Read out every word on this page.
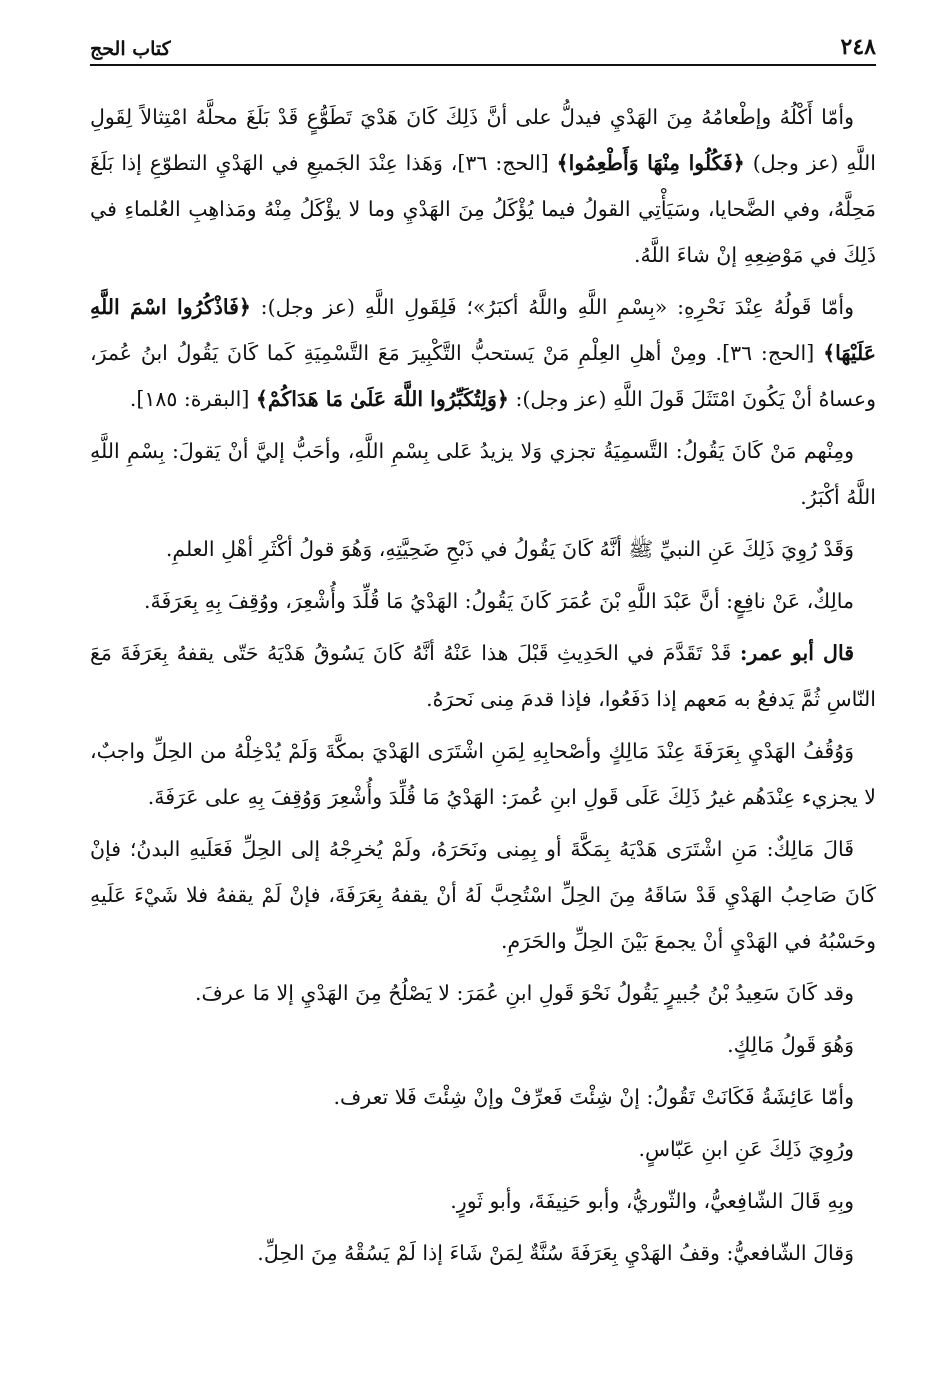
٢٤٨
كتاب الحج

وأمّا أَكْلُهُ وإطْعامُهُ مِنَ الهَدْيِ فيدلُّ على أنَّ ذَلِكَ كَانَ هَدْيَ تَطَوُّعٍ قَدْ بَلَغَ محلَّهُ امْتِثالاً لِقَولِ اللَّهِ (عز وجل) ﴿فَكُلُوا مِنْهَا وَأَطْعِمُوا﴾ [الحج: ٣٦]، وَهَذا عِنْدَ الجَميعِ في الهَدْيِ التطوّعِ إذا بَلَغَ مَحِلَّهُ، وفي الضَّحايا، وسَيَأْتِي القولُ فيما يُؤْكَلُ مِنَ الهَدْيِ وما لا يؤْكَلُ مِنْهُ ومَذاهِبِ العُلماءِ في ذَلِكَ في مَوْضِعِهِ إنْ شاءَ اللَّهُ.

وأمّا قَولُهُ عِنْدَ نَحْرِهِ: «بِسْمِ اللَّهِ واللَّهُ أكبَرُ»؛ فَلِقَولِ اللَّهِ (عز وجل): ﴿فَاذْكُرُوا اسْمَ اللَّهِ عَلَيْهَا﴾ [الحج: ٣٦]. ومِنْ أهلِ العِلْمِ مَنْ يَستحبُّ التَّكْبِيرَ مَعَ التَّسْمِيَةِ كَما كَانَ يَقُولُ ابنُ عُمرَ، وعساهُ أنْ يَكُونَ امْتَثَلَ قَولَ اللَّهِ (عز وجل): ﴿وَلِتُكَبِّرُوا اللَّهَ عَلَىٰ مَا هَدَاكُمْ﴾ [البقرة: ١٨٥].

ومِنْهم مَنْ كَانَ يَقُولُ: التَّسمِيَةُ تجزي وَلا يزيدُ عَلى بِسْمِ اللَّهِ، وأحَبُّ إليَّ أنْ يَقولَ: بِسْمِ اللَّهِ اللَّهُ أكْبَرُ.

وَقَدْ رُوِيَ ذَلِكَ عَنِ النبيِّ ﷺ أنَّهُ كَانَ يَقُولُ في ذَبْحِ ضَحِيَّتِهِ، وَهُوَ قولُ أكْثَرِ أهْلِ العلمِ.

مالِكٌ، عَنْ نافِعٍ: أنَّ عَبْدَ اللَّهِ بْنَ عُمَرَ كَانَ يَقُولُ: الهَدْيُ مَا قُلِّدَ وأُشْعِرَ، ووُقِفَ بِهِ بِعَرَفَةَ.

قال أبو عمر: قَدْ تَقَدَّمَ في الحَدِيثِ قَبْلَ هذا عَنْهُ أنَّهُ كَانَ يَسُوقُ هَدْيَهُ حَتّى يقفهُ بِعَرَفَةَ مَعَ النّاسِ ثُمَّ يَدفعُ به مَعهم إذا دَفَعُوا، فإذا قدمَ مِنى نَحرَهُ.

وَوُقُفُ الهَدْيِ بِعَرَفَةَ عِنْدَ مَالِكٍ وأصْحابِهِ لِمَنِ اشْتَرَى الهَدْيَ بمكَّةَ وَلَمْ يُدْخِلْهُ من الحِلِّ واجبٌ، لا يجزيء عِنْدَهُم غيرُ ذَلِكَ عَلَى قَولِ ابنِ عُمرَ: الهَدْيُ مَا قُلِّدَ وأُشْعِرَ وَوُقِفَ بِهِ على عَرَفَةَ.

قَالَ مَالِكٌ: مَنِ اشْتَرَى هَدْيَهُ بِمَكَّةَ أو بِمِنى ونَحَرَهُ، ولَمْ يُخرِجْهُ إلى الحِلِّ فَعَلَيهِ البدنُ؛ فإنْ كَانَ صَاحِبُ الهَدْيِ قَدْ سَاقَهُ مِنَ الحِلِّ اسْتُحِبَّ لَهُ أنْ يقفهُ بِعَرَفَةَ، فإنْ لَمْ يقفهُ فلا شَيْءَ عَلَيهِ وحَسْبُهُ في الهَدْيِ أنْ يجمعَ بَيْنَ الحِلِّ والحَرَمِ.

وقد كَانَ سَعِيدُ بْنُ جُبيرٍ يَقُولُ نَحْوَ قَولِ ابنِ عُمَرَ: لا يَصْلُحُ مِنَ الهَدْيِ إلا مَا عرفَ.

وَهُوَ قَولُ مَالِكٍ.

وأمّا عَائِشَةُ فَكَانَتْ تَقُولُ: إنْ شِئْتَ فَعرِّفْ وإنْ شِئْتَ فَلا تعرف.

ورُوِيَ ذَلِكَ عَنِ ابنِ عَبّاسٍ.

وبِهِ قَالَ الشّافِعيُّ، والثّوريُّ، وأبو حَنِيفَةَ، وأبو ثَورٍ.

وَقالَ الشّافعيُّ: وقفُ الهَدْيِ بِعَرَفَةَ سُنَّةٌ لِمَنْ شَاءَ إذا لَمْ يَسُقْهُ مِنَ الحِلِّ.
